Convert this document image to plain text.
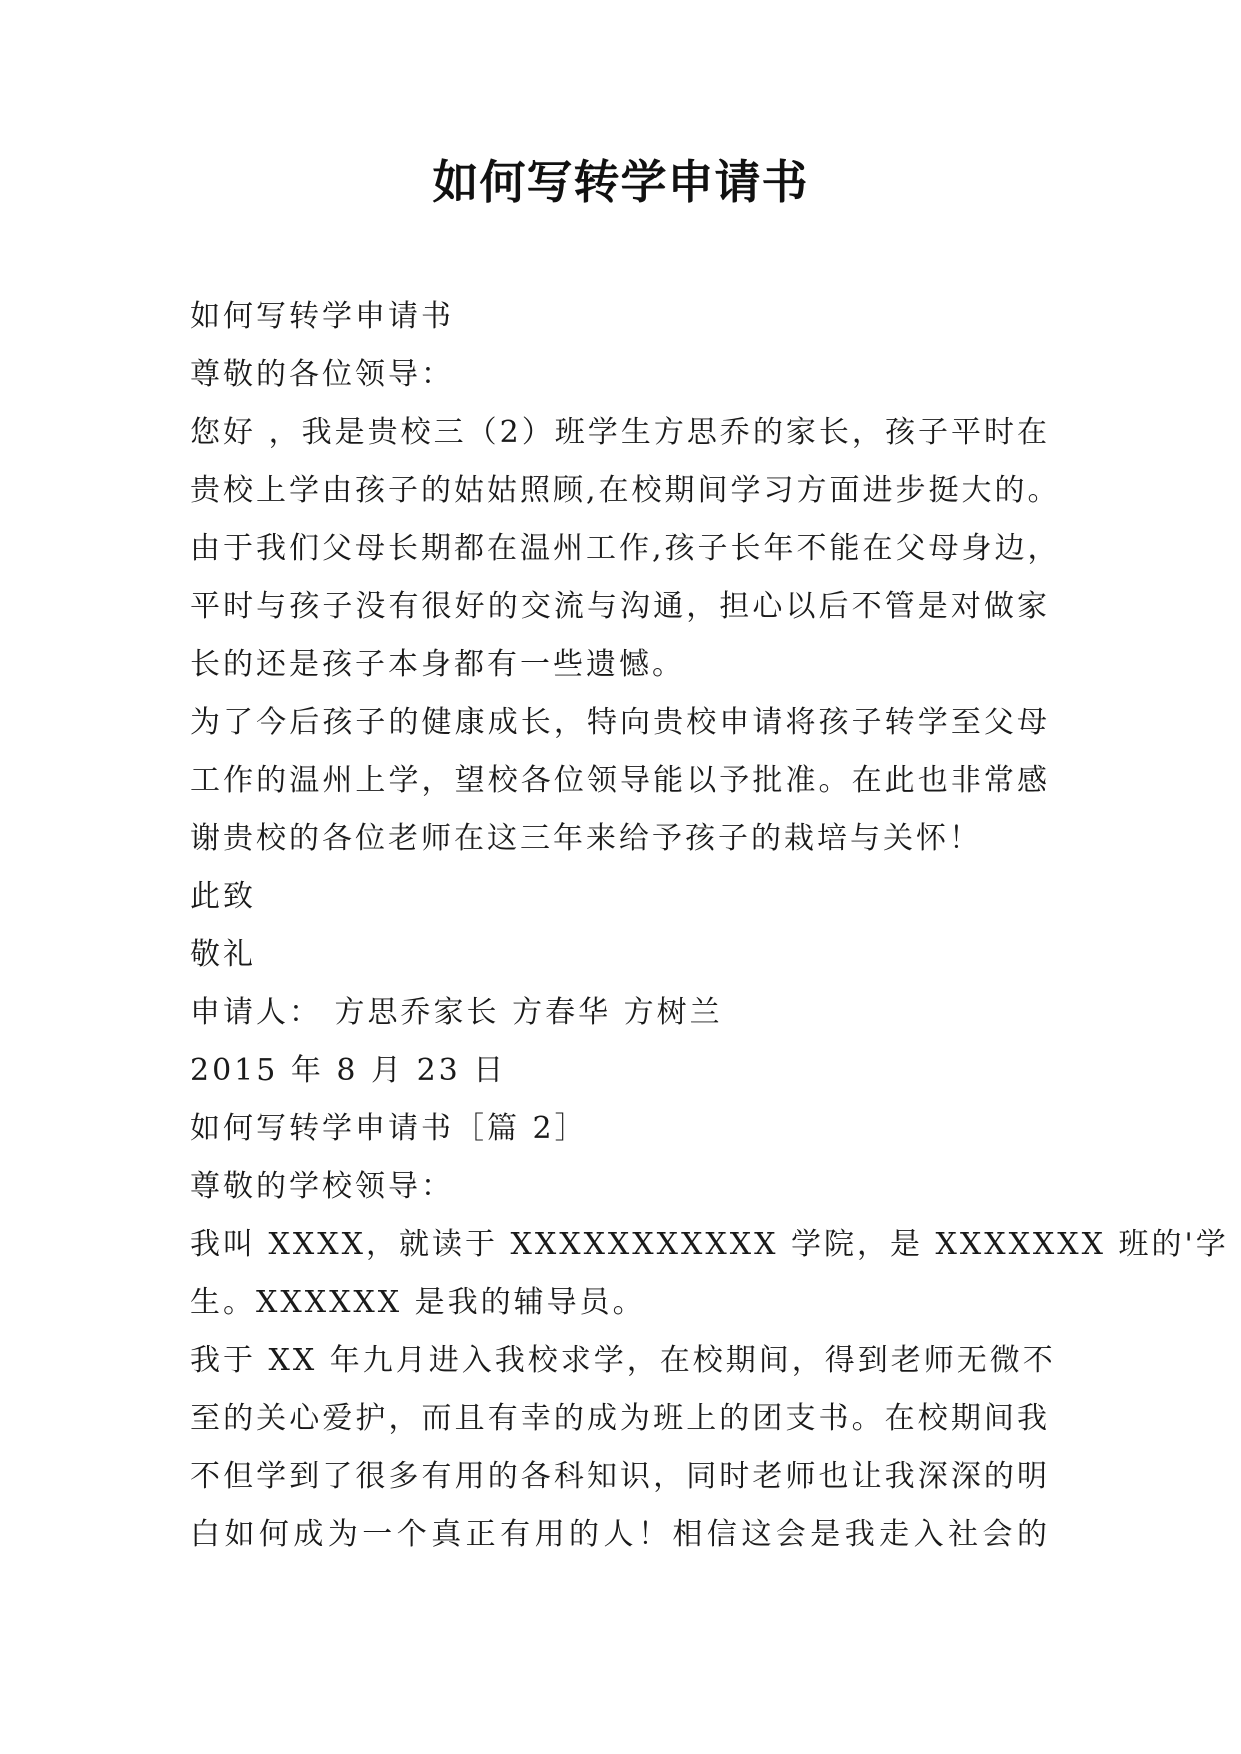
如何写转学申请书
如何写转学申请书
尊敬的各位领导：
您好 ，我是贵校三（2）班学生方思乔的家长，孩子平时在
贵校上学由孩子的姑姑照顾,在校期间学习方面进步挺大的。
由于我们父母长期都在温州工作,孩子长年不能在父母身边，
平时与孩子没有很好的交流与沟通，担心以后不管是对做家
长的还是孩子本身都有一些遗憾。
为了今后孩子的健康成长，特向贵校申请将孩子转学至父母
工作的温州上学，望校各位领导能以予批准。在此也非常感
谢贵校的各位老师在这三年来给予孩子的栽培与关怀！
此致
敬礼
申请人： 方思乔家长 方春华 方树兰
2015 年 8 月 23 日
如何写转学申请书［篇 2］
尊敬的学校领导：
我叫 XXXX，就读于 XXXXXXXXXXX 学院，是 XXXXXXX 班的'学
生。XXXXXX 是我的辅导员。
我于 XX 年九月进入我校求学，在校期间，得到老师无微不
至的关心爱护，而且有幸的成为班上的团支书。在校期间我
不但学到了很多有用的各科知识，同时老师也让我深深的明
白如何成为一个真正有用的人！相信这会是我走入社会的
